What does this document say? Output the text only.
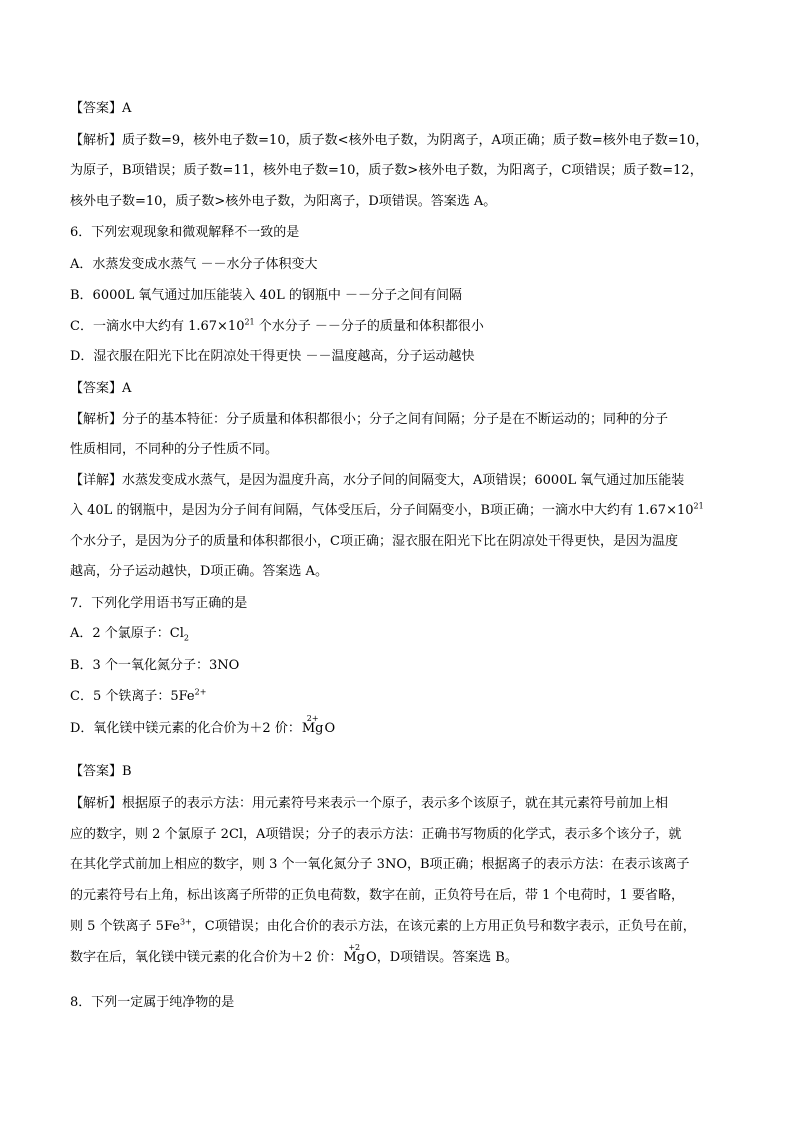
【答案】A
【解析】质子数=9，核外电子数=10，质子数<核外电子数，为阴离子，A项正确；质子数=核外电子数=10，
为原子，B项错误；质子数=11，核外电子数=10，质子数>核外电子数，为阳离子，C项错误；质子数=12，
核外电子数=10，质子数>核外电子数，为阳离子，D项错误。答案选 A。
6．下列宏观现象和微观解释不一致的是
A．水蒸发变成水蒸气 －－水分子体积变大
B．6000L 氧气通过加压能装入 40L 的钢瓶中 －－分子之间有间隔
C．一滴水中大约有 $1.67\times 10^{21}$ 个水分子 －－分子的质量和体积都很小
D．湿衣服在阳光下比在阴凉处干得更快 －－温度越高，分子运动越快
【答案】A
【解析】分子的基本特征：分子质量和体积都很小；分子之间有间隔；分子是在不断运动的；同种的分子
性质相同，不同种的分子性质不同。
【详解】水蒸发变成水蒸气，是因为温度升高，水分子间的间隔变大，A项错误；6000L 氧气通过加压能装
入 40L 的钢瓶中，是因为分子间有间隔，气体受压后，分子间隔变小，B项正确；一滴水中大约有 $1.67\times 10^{21}$
个水分子，是因为分子的质量和体积都很小，C项正确；湿衣服在阳光下比在阴凉处干得更快，是因为温度
越高，分子运动越快，D项正确。答案选 A。
7．下列化学用语书写正确的是
A．2 个氯原子：$Cl_2$
B．3 个一氧化氮分子：3NO
C．5 个铁离子：$5Fe^{2+}$
D．氧化镁中镁元素的化合价为＋2 价：
2+
MgO
【答案】B
【解析】根据原子的表示方法：用元素符号来表示一个原子，表示多个该原子，就在其元素符号前加上相
应的数字，则 2 个氯原子 2Cl，A项错误；分子的表示方法：正确书写物质的化学式，表示多个该分子，就
在其化学式前加上相应的数字，则 3 个一氧化氮分子 3NO，B项正确；根据离子的表示方法：在表示该离子
的元素符号右上角，标出该离子所带的正负电荷数，数字在前，正负符号在后，带 1 个电荷时，1 要省略，
则 5 个铁离子 $5Fe^{3+}$，C项错误；由化合价的表示方法，在该元素的上方用正负号和数字表示，正负号在前，
数字在后，氧化镁中镁元素的化合价为＋2 价：
+2
MgO，D项错误。答案选 B。
8．下列一定属于纯净物的是
